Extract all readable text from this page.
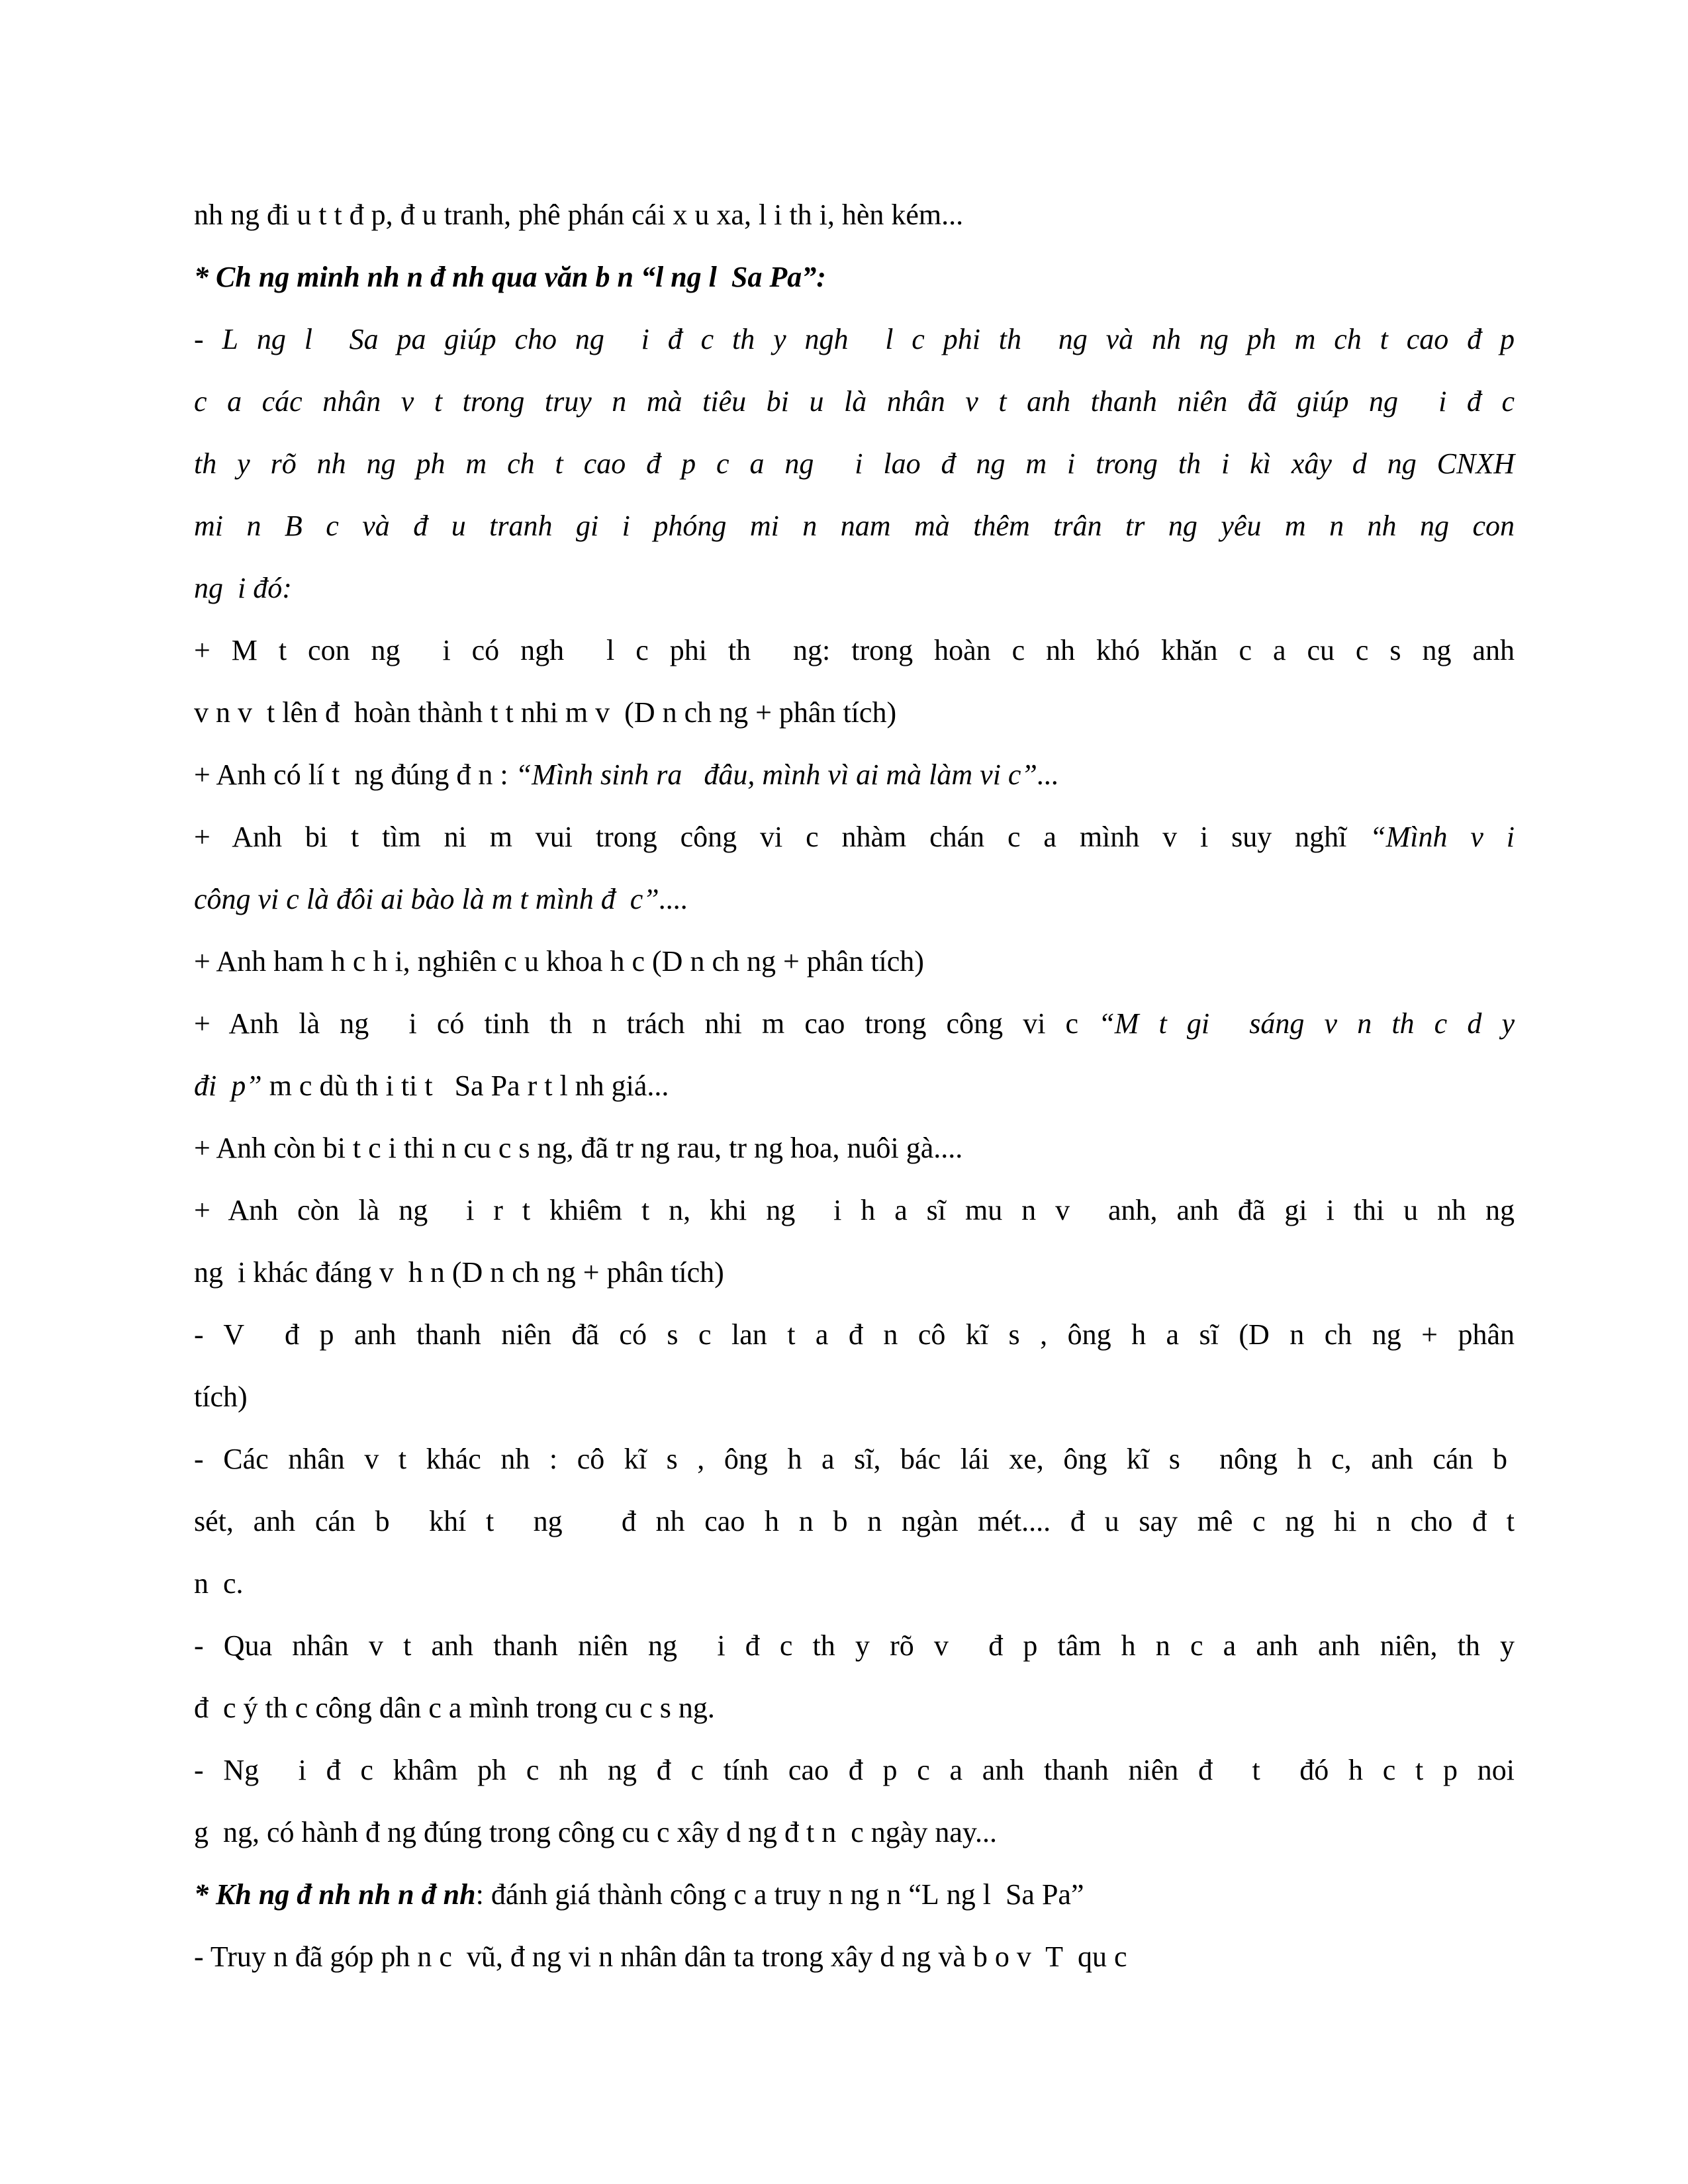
nh ng đi u t t đ p, đ u tranh, phê phán cái x u xa, l i th i, hèn kém...
* Ch ng minh nh n đ nh qua văn b n “l ng l  Sa Pa”:
- L ng l  Sa pa giúp cho ng  i đ c th y ngh  l c phi th  ng và nh ng ph m ch t cao đ p
c a các nhân v t trong truy n mà tiêu bi u là nhân v t anh thanh niên đã giúp ng  i đ c
th y rõ nh ng ph m ch t cao đ p c a ng  i lao đ ng m i trong th i kì xây d ng CNXH
mi n B c và đ u tranh gi i phóng mi n nam mà thêm trân tr ng yêu m n nh ng con
ng  i đó:
+ M t con ng  i có ngh  l c phi th  ng: trong hoàn c nh khó khăn c a cu c s ng anh
v n v  t lên đ  hoàn thành t t nhi m v  (D n ch ng + phân tích)
+ Anh có lí t  ng đúng đ n : “Mình sinh ra   đâu, mình vì ai mà làm vi c”...
+ Anh bi t tìm ni m vui trong công vi c nhàm chán c a mình v i suy nghĩ “Mình v i
công vi c là đôi ai bào là m t mình đ  c”....
+ Anh ham h c h i, nghiên c u khoa h c (D n ch ng + phân tích)
+ Anh là ng  i có tinh th n trách nhi m cao trong công vi c “M t gi  sáng v n th c d y
đi  p” m c dù th i ti t   Sa Pa r t l nh giá...
+ Anh còn bi t c i thi n cu c s ng, đã tr ng rau, tr ng hoa, nuôi gà....
+ Anh còn là ng  i r t khiêm t n, khi ng  i h a sĩ mu n v  anh, anh đã gi i thi u nh ng
ng  i khác đáng v  h n (D n ch ng + phân tích)
- V  đ p anh thanh niên đã có s c lan t a đ n cô kĩ s , ông h a sĩ (D n ch ng + phân
tích)
- Các nhân v t khác nh : cô kĩ s , ông h a sĩ, bác lái xe, ông kĩ s  nông h c, anh cán b
sét, anh cán b  khí t  ng   đ nh cao h n b n ngàn mét.... đ u say mê c ng hi n cho đ t
n  c.
- Qua nhân v t anh thanh niên ng  i đ c th y rõ v  đ p tâm h n c a anh anh niên, th y
đ  c ý th c công dân c a mình trong cu c s ng.
- Ng  i đ c khâm ph c nh ng đ c tính cao đ p c a anh thanh niên đ  t  đó h c t p noi
g  ng, có hành đ ng đúng trong công cu c xây d ng đ t n  c ngày nay...
* Kh ng đ nh nh n đ nh: đánh giá thành công c a truy n ng n “L ng l  Sa Pa”
- Truy n đã góp ph n c  vũ, đ ng vi n nhân dân ta trong xây d ng và b o v  T  qu c
